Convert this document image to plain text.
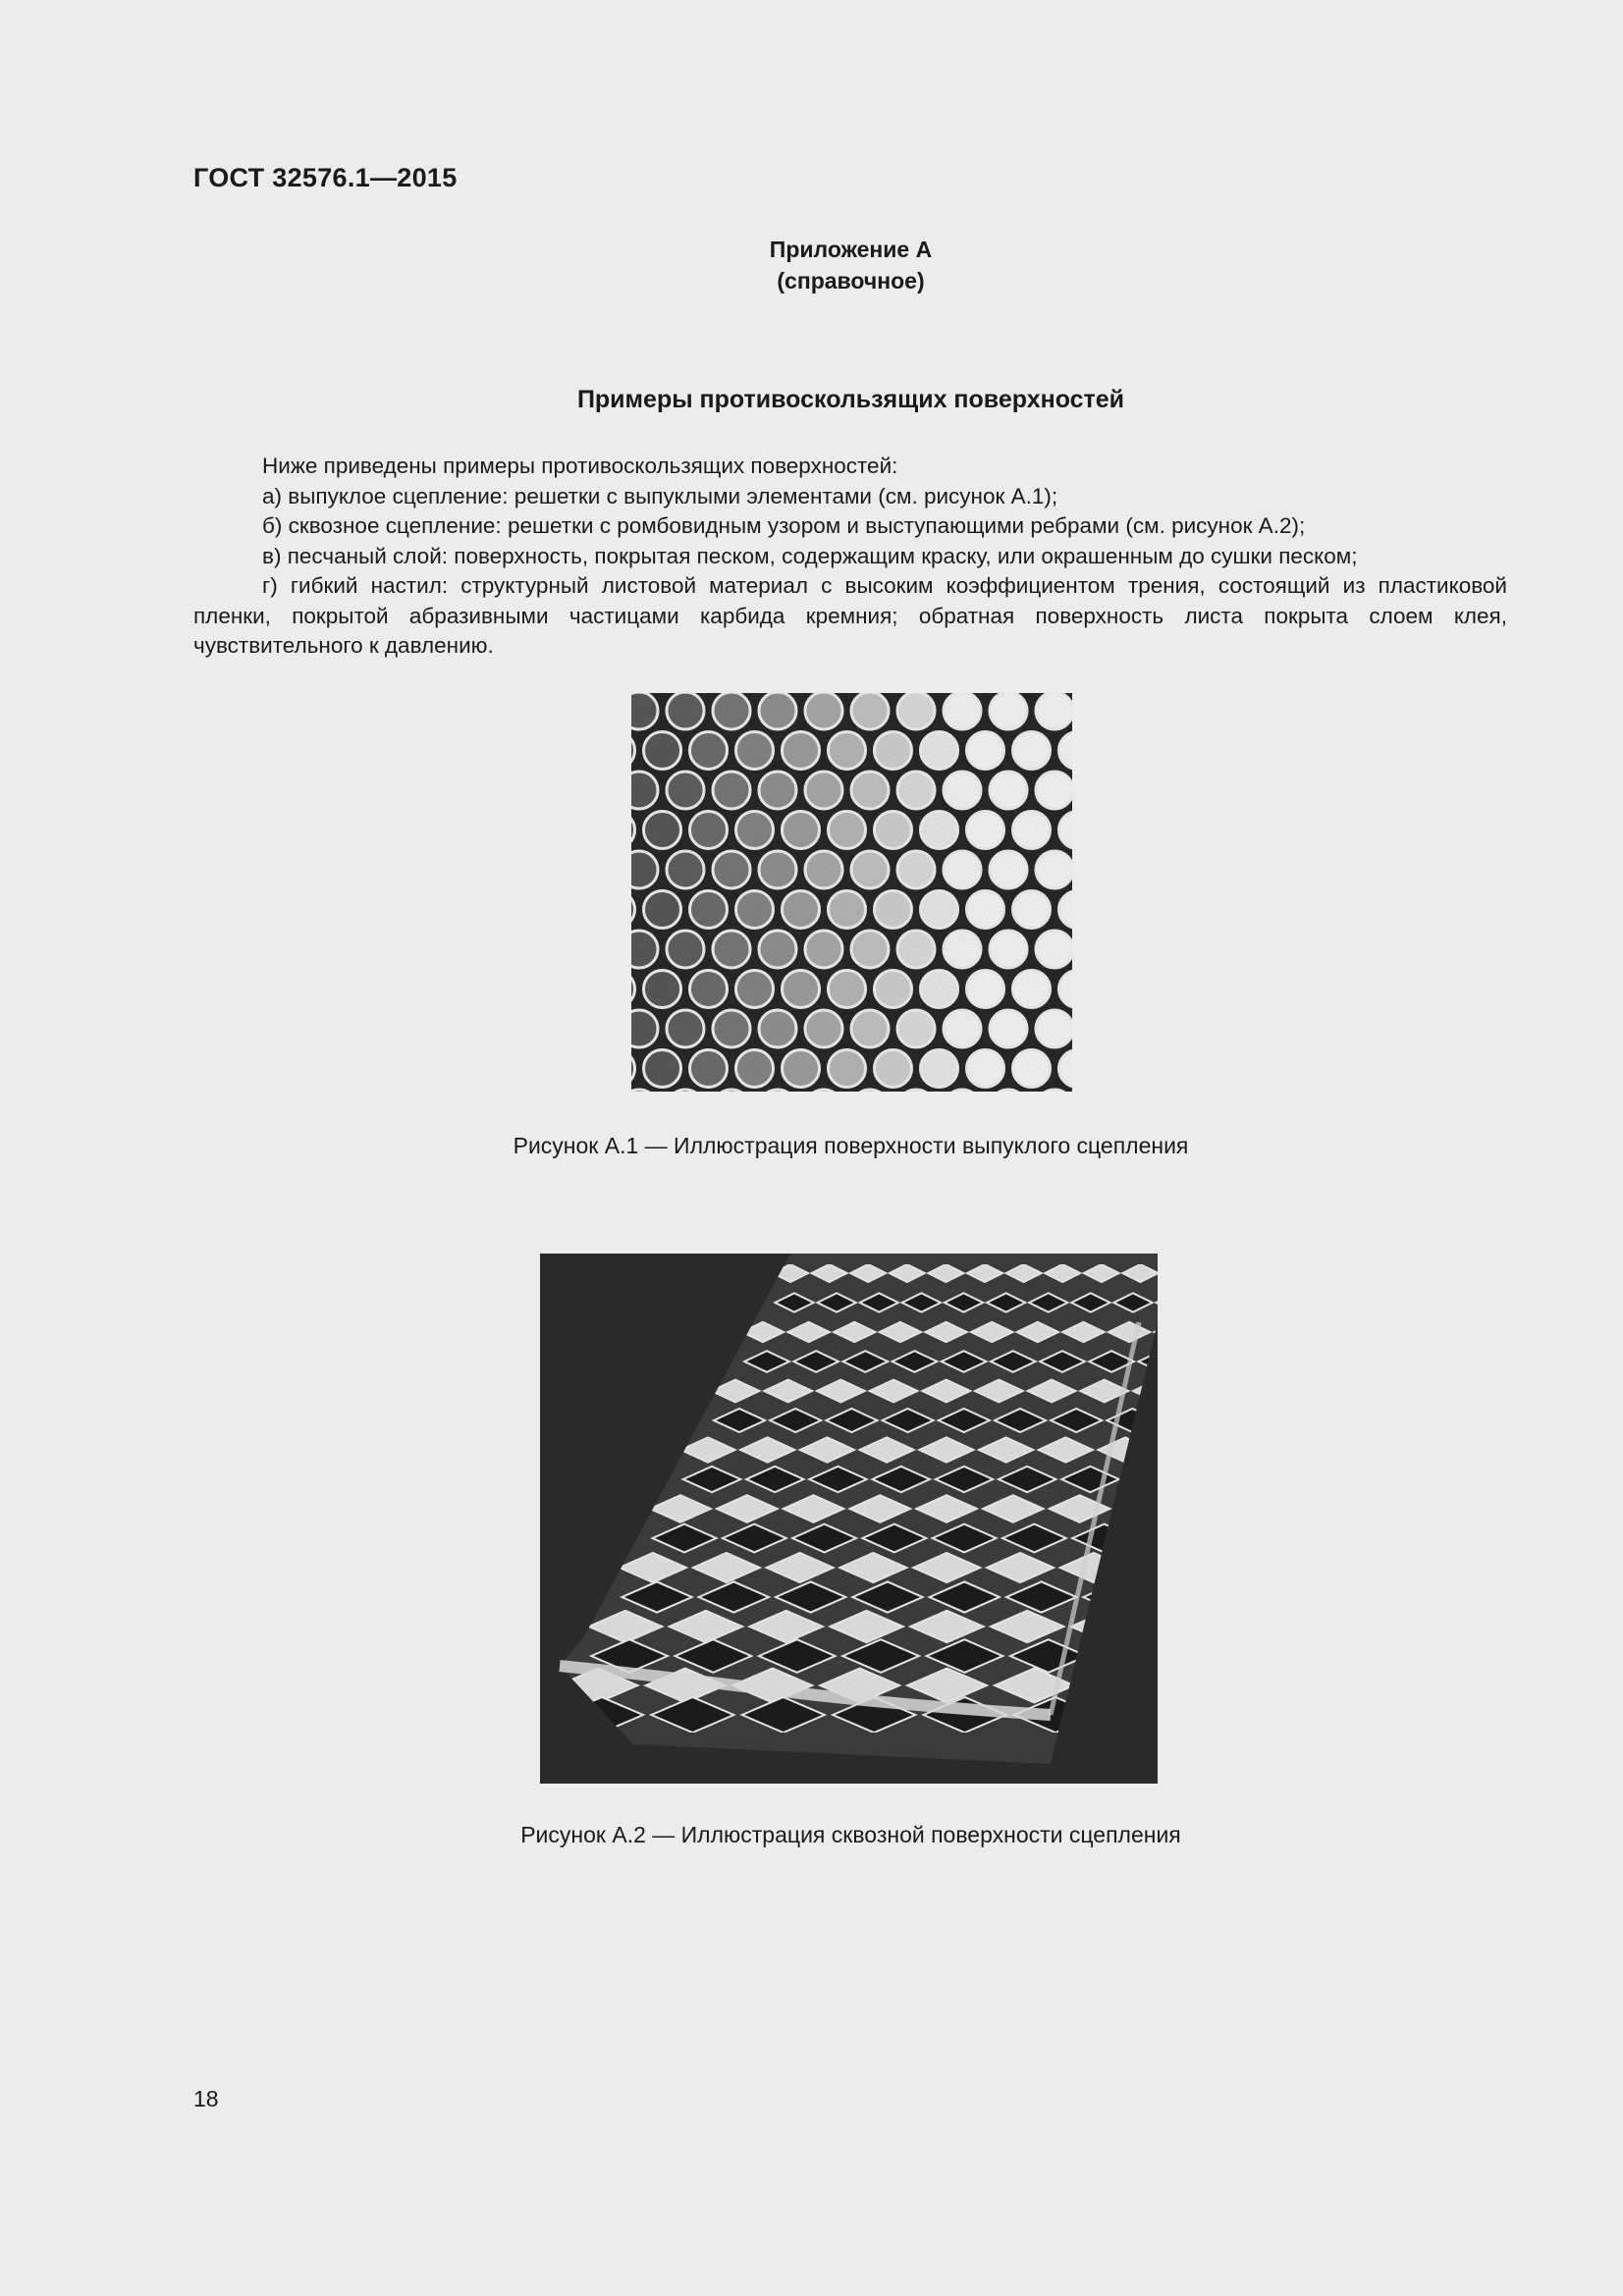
ГОСТ 32576.1—2015
Приложение А
(справочное)
Примеры противоскользящих поверхностей

Ниже приведены примеры противоскользящих поверхностей:

а) выпуклое сцепление: решетки с выпуклыми элементами (см. рисунок А.1);

б) сквозное сцепление: решетки с ромбовидным узором и выступающими ребрами (см. рисунок А.2);

в) песчаный слой: поверхность, покрытая песком, содержащим краску, или окрашенным до сушки песком;

г) гибкий настил: структурный листовой материал с высоким коэффициентом трения, состоящий из пластиковой пленки, покрытой абразивными частицами карбида кремния; обратная поверхность листа покрыта слоем клея, чувствительного к давлению.

Рисунок А.1 — Иллюстрация поверхности выпуклого сцепления
Рисунок А.2 — Иллюстрация сквозной поверхности сцепления
18
